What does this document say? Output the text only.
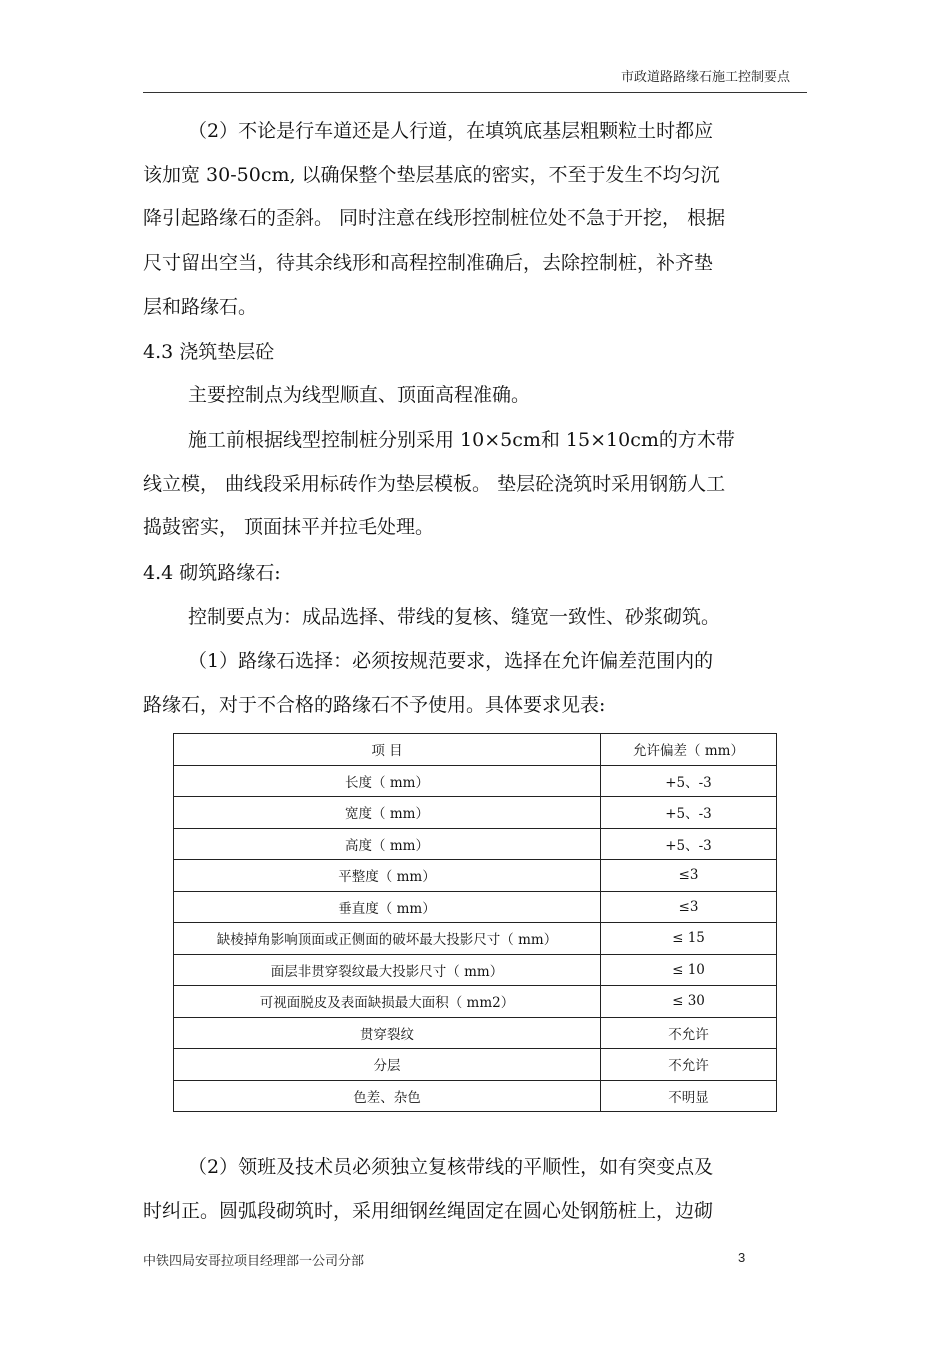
市政道路路缘石施工控制要点
（2）不论是行车道还是人行道，在填筑底基层粗颗粒土时都应
该加宽 30-50cm, 以确保整个垫层基底的密实，不至于发生不均匀沉
降引起路缘石的歪斜。 同时注意在线形控制桩位处不急于开挖， 根据
尺寸留出空当，待其余线形和高程控制准确后，去除控制桩，补齐垫
层和路缘石。
4.3 浇筑垫层砼
主要控制点为线型顺直、顶面高程准确。
施工前根据线型控制桩分别采用 10×5cm和 15×10cm的方木带
线立模， 曲线段采用标砖作为垫层模板。 垫层砼浇筑时采用钢筋人工
捣鼓密实， 顶面抹平并拉毛处理。
4.4 砌筑路缘石:
控制要点为：成品选择、带线的复核、缝宽一致性、砂浆砌筑。
（1）路缘石选择：必须按规范要求，选择在允许偏差范围内的
路缘石，对于不合格的路缘石不予使用。具体要求见表:
项 目	允许偏差（ mm）
长度（ mm）	+5、-3
宽度（ mm）	+5、-3
高度（ mm）	+5、-3
平整度（ mm）	≤3
垂直度（ mm）	≤3
缺棱掉角影响顶面或正侧面的破坏最大投影尺寸（ mm）	≤ 15
面层非贯穿裂纹最大投影尺寸（ mm）	≤ 10
可视面脱皮及表面缺损最大面积（ mm2）	≤ 30
贯穿裂纹	不允许
分层	不允许
色差、杂色	不明显
（2）领班及技术员必须独立复核带线的平顺性，如有突变点及
时纠正。圆弧段砌筑时，采用细钢丝绳固定在圆心处钢筋桩上，边砌
中铁四局安哥拉项目经理部一公司分部	3
